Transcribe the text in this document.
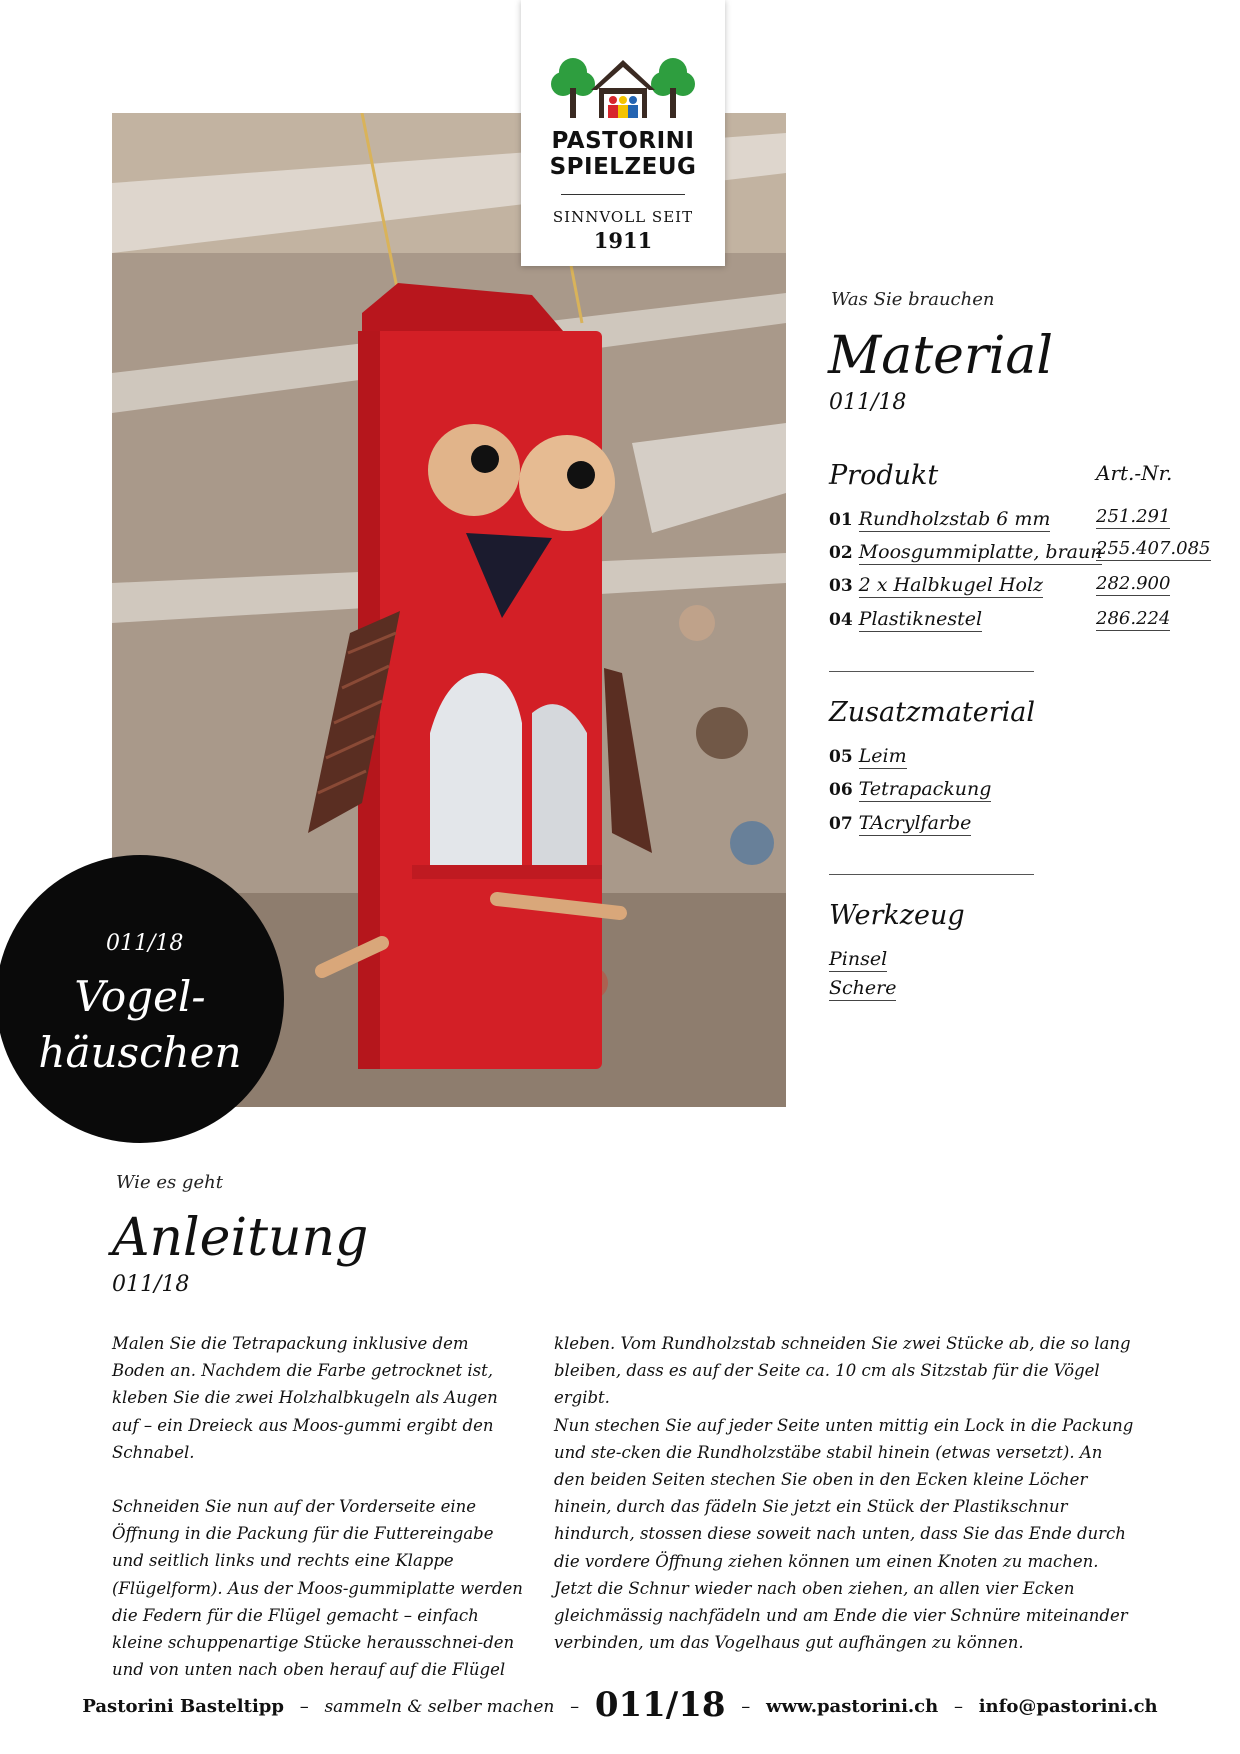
PASTORINI
SPIELZEUG
SINNVOLL SEIT
1911
011/18
Vogel-
häuschen
Was Sie brauchen
Material
011/18
Produkt	Art.-Nr.
01 Rundholzstab 6 mm
02 Moosgummiplatte, braun
03 2 x Halbkugel Holz
04 Plastiknestel
251.291
255.407.085
282.900
286.224
Zusatzmaterial
05 Leim
06 Tetrapackung
07 TAcrylfarbe
Werkzeug
Pinsel
Schere
Wie es geht
Anleitung
011/18

Malen Sie die Tetrapackung inklusive dem Boden an. Nachdem die Farbe getrocknet ist, kleben Sie die zwei Holzhalbkugeln als Augen auf – ein Dreieck aus Moos-gummi ergibt den Schnabel.

Schneiden Sie nun auf der Vorderseite eine Öffnung in die Packung für die Futtereingabe und seitlich links und rechts eine Klappe (Flügelform). Aus der Moos-gummiplatte werden die Federn für die Flügel gemacht – einfach kleine schuppenartige Stücke herausschnei-den und von unten nach oben herauf auf die Flügel

kleben. Vom Rundholzstab schneiden Sie zwei Stücke ab, die so lang bleiben, dass es auf der Seite ca. 10 cm als Sitzstab für die Vögel ergibt.

Nun stechen Sie auf jeder Seite unten mittig ein Lock in die Packung und ste-cken die Rundholzstäbe stabil hinein (etwas versetzt). An den beiden Seiten stechen Sie oben in den Ecken kleine Löcher hinein, durch das fädeln Sie jetzt ein Stück der Plastikschnur hindurch, stossen diese soweit nach unten, dass Sie das Ende durch die vordere Öffnung ziehen können um einen Knoten zu machen.

Jetzt die Schnur wieder nach oben ziehen, an allen vier Ecken gleichmässig nachfädeln und am Ende die vier Schnüre miteinander verbinden, um das Vogelhaus gut aufhängen zu können.

Pastorini Basteltipp – sammeln & selber machen – 011/18 – www.pastorini.ch – info@pastorini.ch
